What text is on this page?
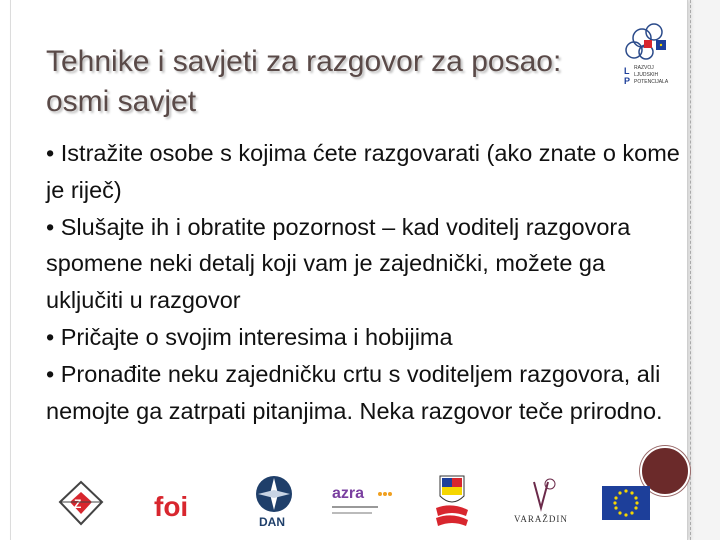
Tehnike i savjeti za razgovor za posao: osmi savjet
• Istražite osobe s kojima ćete razgovarati (ako znate o kome je riječ)
• Slušajte ih i obratite pozornost – kad voditelj razgovora spomene neki detalj koji vam je zajednički, možete ga uključiti u razgovor
• Pričajte o svojim interesima i hobijima
• Pronađite neku zajedničku crtu s voditeljem razgovora, ali nemojte ga zatrpati pitanjima. Neka razgovor teče prirodno.
L
P
RAZVOJ
LJUDSKIH
POTENCIJALA
Z	foi	DAN
azra
VARAŽDIN
